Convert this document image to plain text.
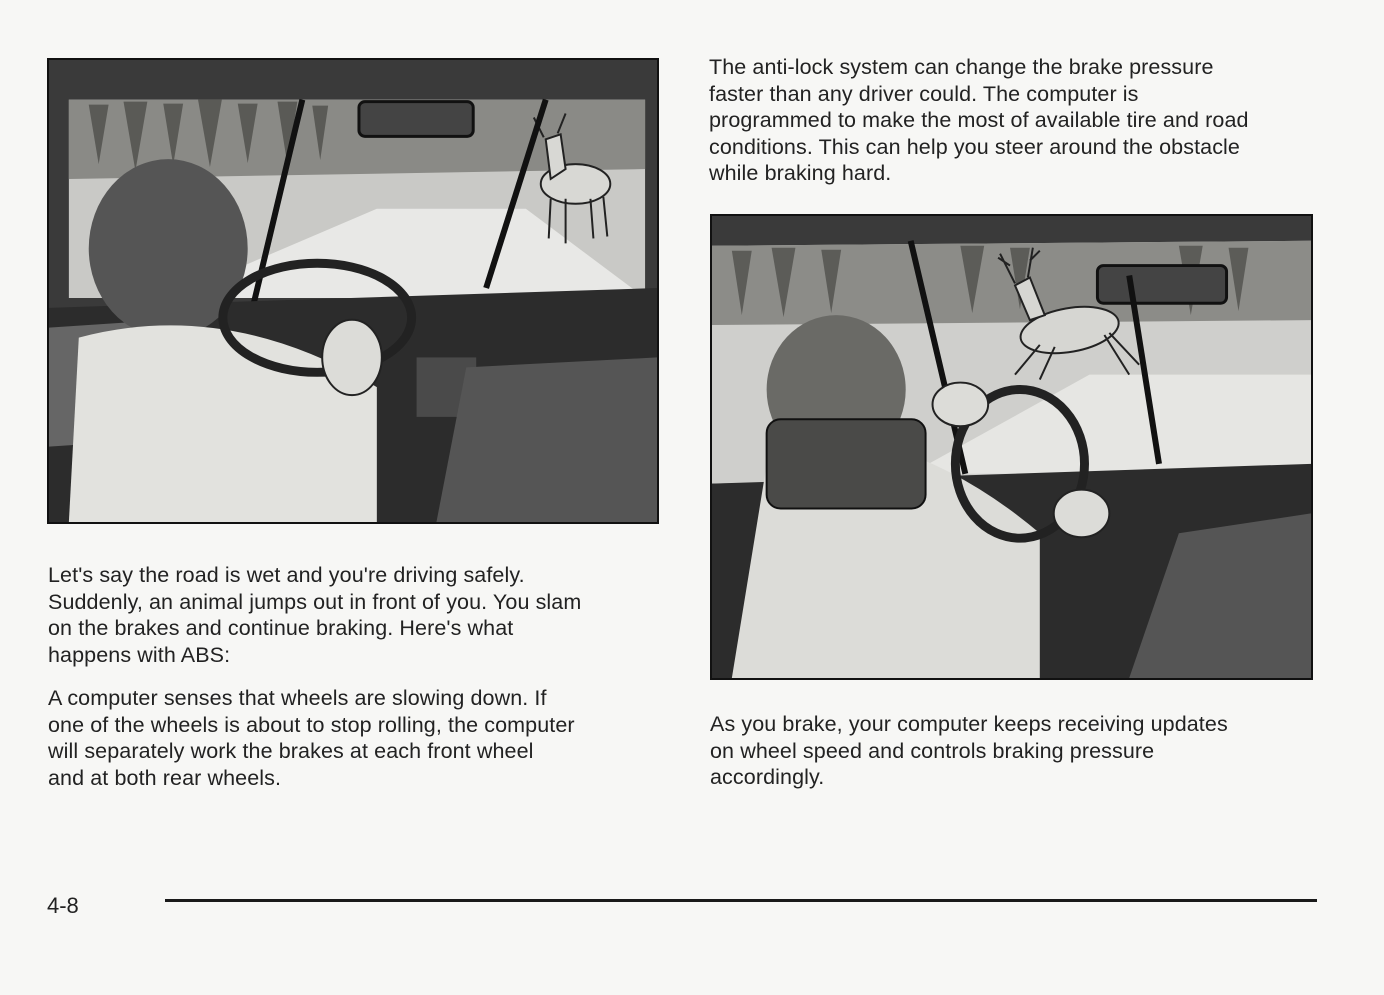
Let's say the road is wet and you're driving safely.
Suddenly, an animal jumps out in front of you. You slam
on the brakes and continue braking. Here's what
happens with ABS:

A computer senses that wheels are slowing down. If
one of the wheels is about to stop rolling, the computer
will separately work the brakes at each front wheel
and at both rear wheels.

The anti-lock system can change the brake pressure
faster than any driver could. The computer is
programmed to make the most of available tire and road
conditions. This can help you steer around the obstacle
while braking hard.

As you brake, your computer keeps receiving updates
on wheel speed and controls braking pressure
accordingly.

4-8
